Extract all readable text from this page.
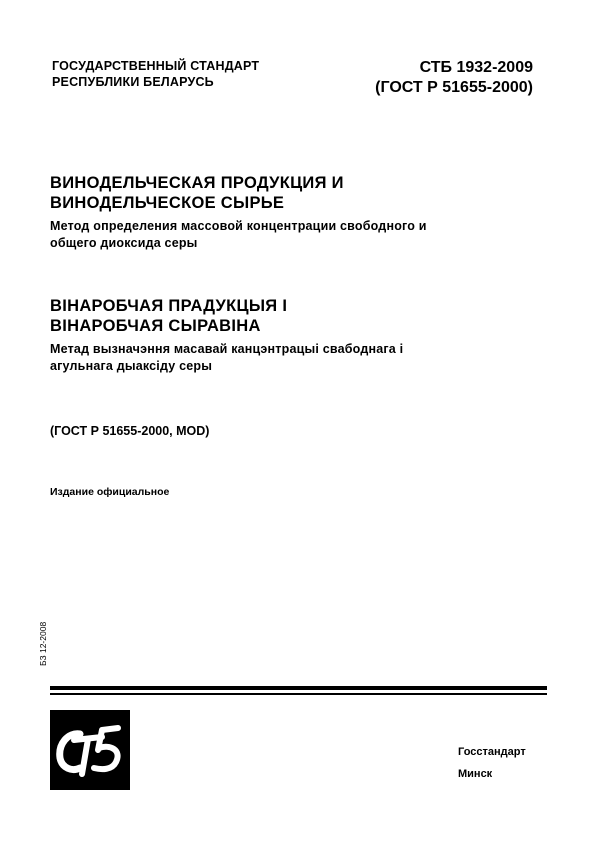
ГОСУДАРСТВЕННЫЙ СТАНДАРТ
РЕСПУБЛИКИ БЕЛАРУСЬ
СТБ 1932-2009
(ГОСТ Р 51655-2000)
ВИНОДЕЛЬЧЕСКАЯ ПРОДУКЦИЯ И
ВИНОДЕЛЬЧЕСКОЕ СЫРЬЕ
Метод определения массовой концентрации свободного и
общего диоксида серы
ВІНАРОБЧАЯ ПРАДУКЦЫЯ І
ВІНАРОБЧАЯ СЫРАВІНА
Метад вызначэння масавай канцэнтрацыі свабоднага і
агульнага дыаксіду серы
(ГОСТ Р 51655-2000, MOD)
Издание официальное
БЗ 12-2008
Госстандарт
Минск
